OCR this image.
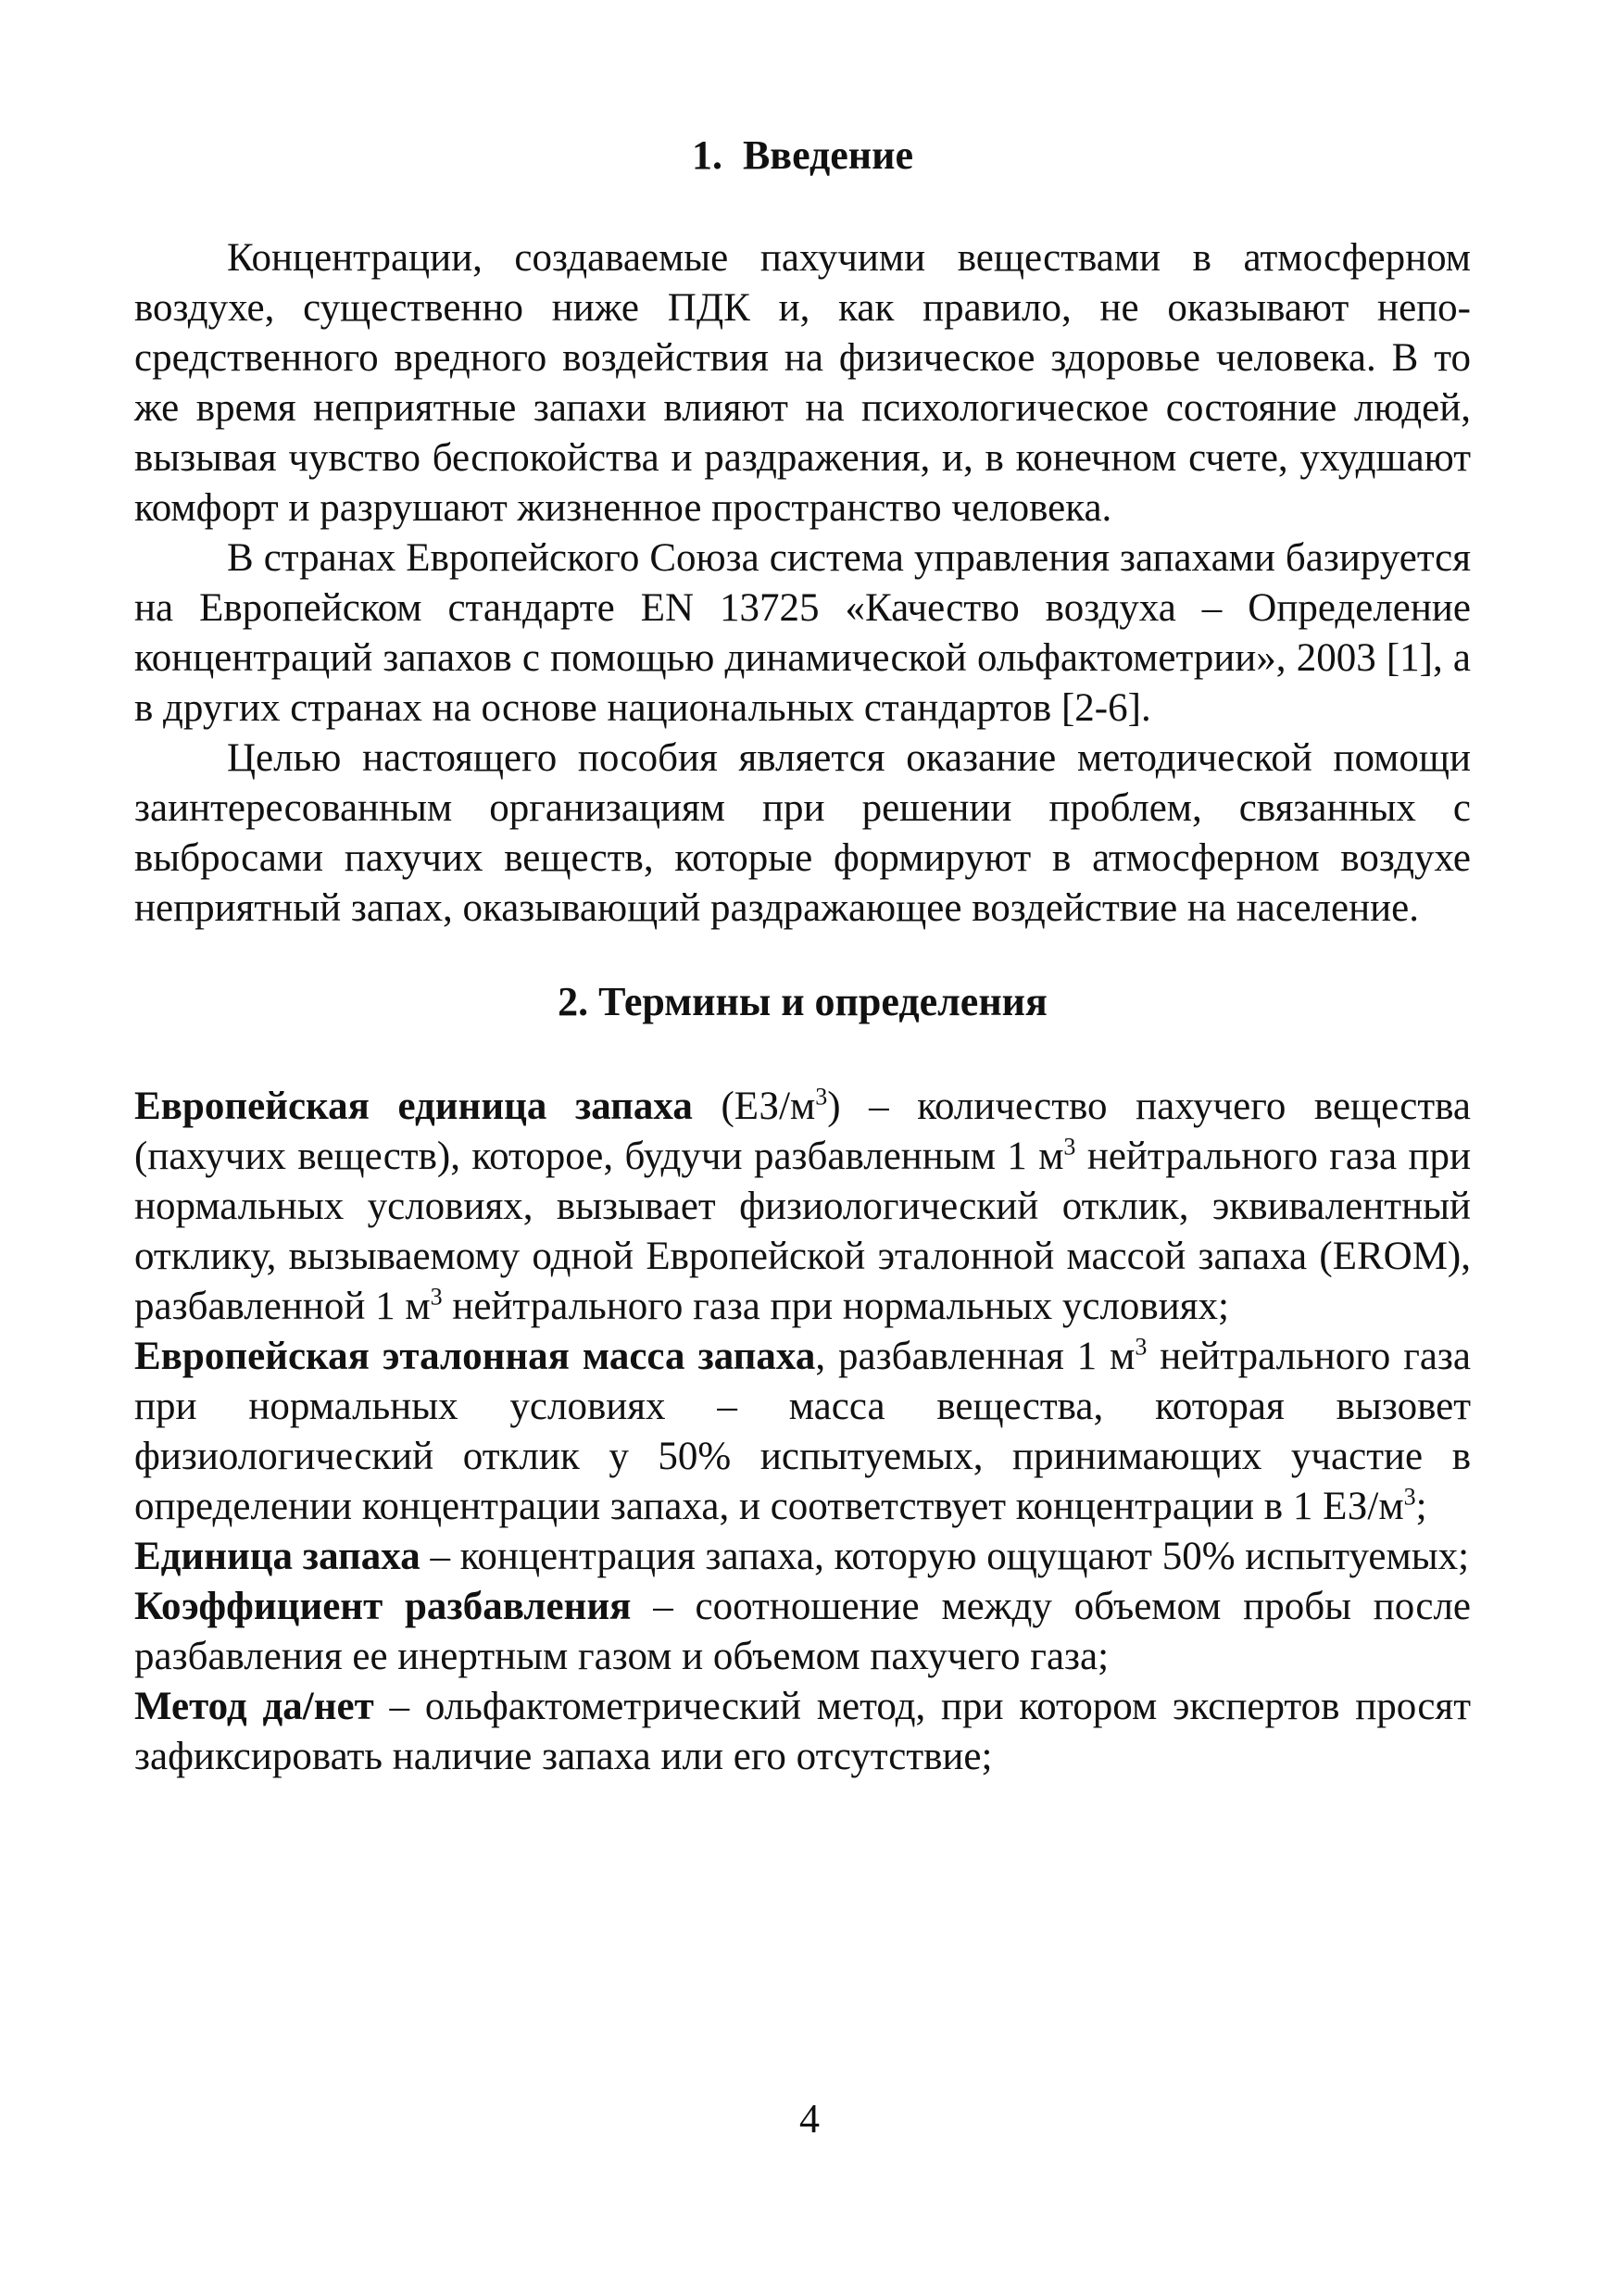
1. Введение

Концентрации, создаваемые пахучими веществами в атмосферном воздухе, существенно ниже ПДК и, как правило, не оказывают непосредственного вредного воздействия на физическое здоровье человека. В то же время неприятные запахи влияют на психологическое состояние людей, вызывая чувство беспокойства и раздражения, и, в конечном счете, ухудшают комфорт и разрушают жизненное пространство человека.

В странах Европейского Союза система управления запахами базируется на Европейском стандарте EN 13725 «Качество воздуха – Определение концентраций запахов с помощью динамической ольфактометрии», 2003 [1], а в других странах на основе национальных стандартов [2-6].

Целью настоящего пособия является оказание методической помощи заинтересованным организациям при решении проблем, связанных с выбросами пахучих веществ, которые формируют в атмосферном воздухе неприятный запах, оказывающий раздражающее воздействие на население.

2. Термины и определения

Европейская единица запаха $(ЕЗ/м^3)$ – количество пахучего вещества (пахучих веществ), которое, будучи разбавленным 1 $м^3$ нейтрального газа при нормальных условиях, вызывает физиологический отклик, эквивалентный отклику, вызываемому одной Европейской эталонной массой запаха (EROM), разбавленной 1 $м^3$ нейтрального газа при нормальных условиях;

Европейская эталонная масса запаха, разбавленная 1 $м^3$ нейтрального газа при нормальных условиях – масса вещества, которая вызовет физиологический отклик у 50% испытуемых, принимающих участие в определении концентрации запаха, и соответствует концентрации в 1 $ЕЗ/м^3$;

Единица запаха – концентрация запаха, которую ощущают 50% испытуемых;

Коэффициент разбавления – соотношение между объемом пробы после разбавления ее инертным газом и объемом пахучего газа;

Метод да/нет – ольфактометрический метод, при котором экспертов просят зафиксировать наличие запаха или его отсутствие;

4
